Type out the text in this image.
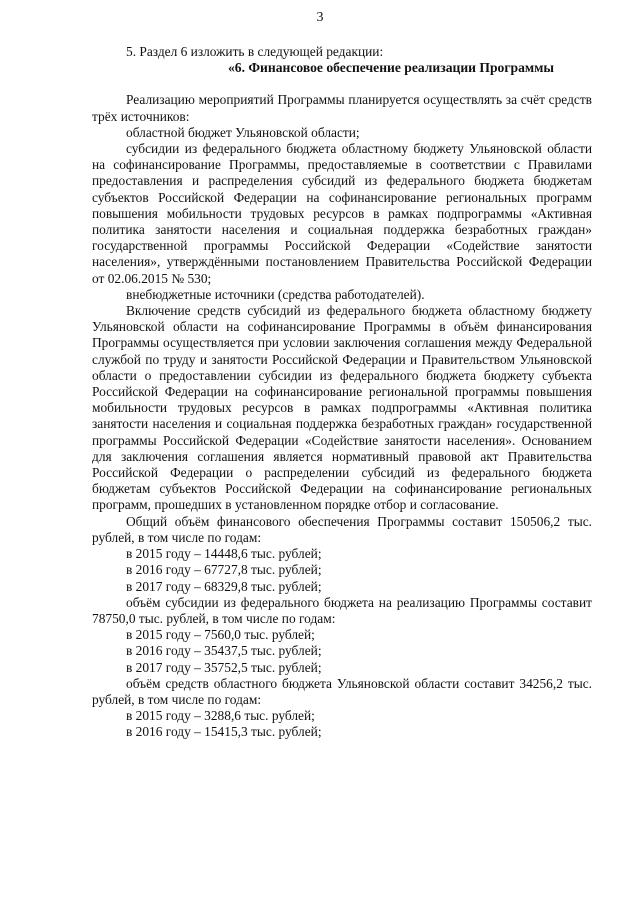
3

5. Раздел 6 изложить в следующей редакции:

«6. Финансовое обеспечение реализации Программы

Реализацию мероприятий Программы планируется осуществлять за счёт средств трёх источников:

областной бюджет Ульяновской области;

субсидии из федерального бюджета областному бюджету Ульяновской области на софинансирование Программы, предоставляемые в соответствии с Правилами предоставления и распределения субсидий из федерального бюджета бюджетам субъектов Российской Федерации на софинансирование региональных программ повышения мобильности трудовых ресурсов в рамках подпрограммы «Активная политика занятости населения и социальная поддержка безработных граждан» государственной программы Российской Федерации «Содействие занятости населения», утверждёнными постановлением Правительства Российской Федерации от 02.06.2015 № 530;

внебюджетные источники (средства работодателей).

Включение средств субсидий из федерального бюджета областному бюджету Ульяновской области на софинансирование Программы в объём финансирования Программы осуществляется при условии заключения соглашения между Федеральной службой по труду и занятости Российской Федерации и Правительством Ульяновской области о предоставлении субсидии из федерального бюджета бюджету субъекта Российской Федерации на софинансирование региональной программы повышения мобильности трудовых ресурсов в рамках подпрограммы «Активная политика занятости населения и социальная поддержка безработных граждан» государственной программы Российской Федерации «Содействие занятости населения». Основанием для заключения соглашения является нормативный правовой акт Правительства Российской Федерации о распределении субсидий из федерального бюджета бюджетам субъектов Российской Федерации на софинансирование региональных программ, прошедших в установленном порядке отбор и согласование.

Общий объём финансового обеспечения Программы составит 150506,2 тыс. рублей, в том числе по годам:

в 2015 году – 14448,6 тыс. рублей;

в 2016 году – 67727,8 тыс. рублей;

в 2017 году – 68329,8 тыс. рублей;

объём субсидии из федерального бюджета на реализацию Программы составит 78750,0 тыс. рублей, в том числе по годам:

в 2015 году – 7560,0 тыс. рублей;

в 2016 году – 35437,5 тыс. рублей;

в 2017 году – 35752,5 тыс. рублей;

объём средств областного бюджета Ульяновской области составит 34256,2 тыс. рублей, в том числе по годам:

в 2015 году – 3288,6 тыс. рублей;

в 2016 году – 15415,3 тыс. рублей;
